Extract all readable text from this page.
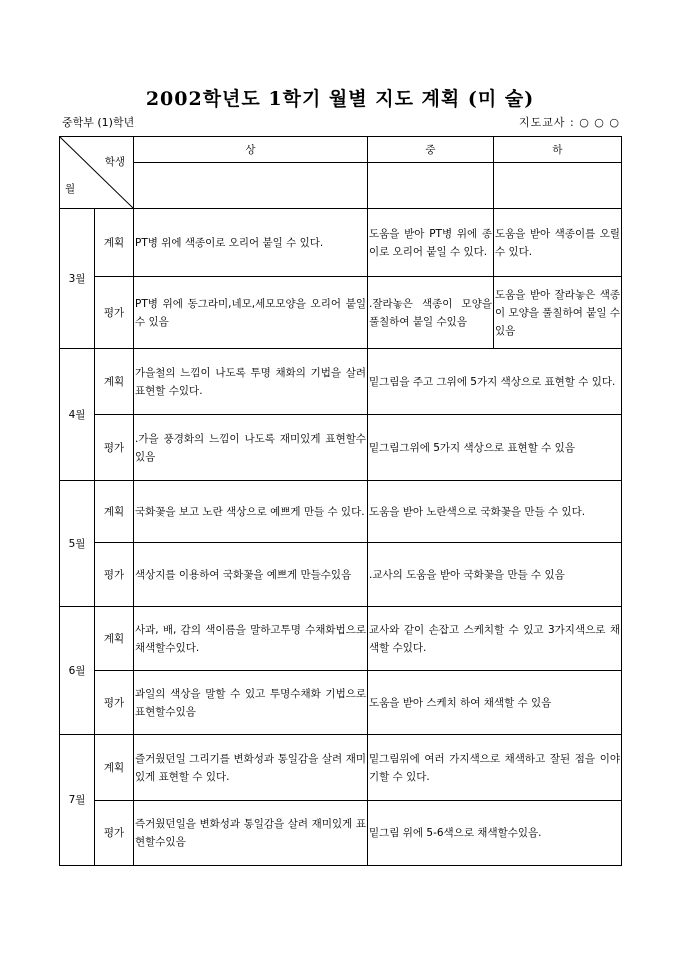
2002학년도 1학기 월별 지도 계획 (미 술)
중학부 (1)학년	지도교사 : ○ ○ ○
학생
월		상	중	하

3월	계획	PT병 위에 색종이로 오리어 붙일 수 있다.	도움을 받아 PT병 위에 종이로 오리어 붙일 수 있다.	도움을 받아 색종이를 오릴 수 있다.
	평가	PT병 위에 동그라미,네모,세모모양을 오리어 붙일 수 있음	.잘라놓은 색종이 모양을 풀칠하여 붙일 수있음	도움을 받아 잘라놓은 색종이 모양을 풀칠하여 붙일 수 있음
4월	계획	가을철의 느낌이 나도록 투명 채화의 기법을 살려 표현할 수있다.	밑그림을 주고 그위에 5가지 색상으로 표현할 수 있다.	
	평가	.가을 풍경화의 느낌이 나도록 재미있게 표현할수있음	밑그림그위에 5가지 색상으로 표현할 수 있음	
5월	계획	국화꽃을 보고 노란 색상으로 예쁘게 만들 수 있다.	도움을 받아 노란색으로 국화꽃을 만들 수 있다.	
	평가	색상지를 이용하여 국화꽃을 예쁘게 만들수있음	.교사의 도움을 받아 국화꽃을 만들 수 있음	
6월	계획	사과, 배, 감의 색이름을 말하고투명 수채화법으로 채색할수있다.	교사와 같이 손잡고 스케치할 수 있고 3가지색으로 채색할 수있다.	
	평가	과일의 색상을 말할 수 있고 투명수채화 기법으로 표현할수있음	도움을 받아 스케치 하여 채색할 수 있음	
7월	계획	즐거웠던일 그리기를 변화성과 통일감을 살려 재미있게 표현할 수 있다.	밑그림위에 여러 가지색으로 채색하고 잘된 점을 이야기할 수 있다.	
	평가	즉거웠던일을 변화성과 통일감을 살려 재미있게 표현할수있음	밑그림 위에 5-6색으로 채색할수있음.	
